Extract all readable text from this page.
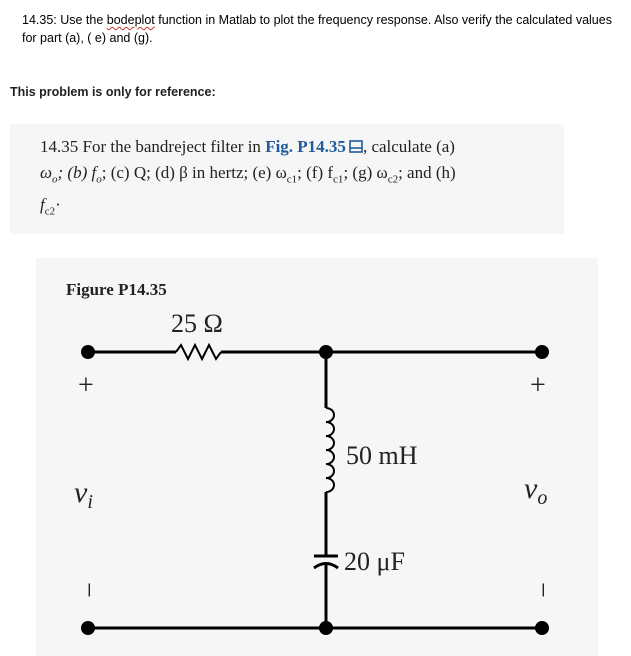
14.35: Use the bodeplot function in Matlab to plot the frequency response. Also verify the calculated values for part (a), ( e) and (g).
This problem is only for reference:
14.35 For the bandreject filter in Fig. P14.35 , calculate (a)
$\omega_o$; (b) $f_o$; (c) Q; (d) β in hertz; (e) $\omega_{c1}$; (f) $f_{c1}$; (g) $\omega_{c2}$; and (h)
$f_{c2}\cdot$
Figure P14.35
25 Ω
50 mH
20 μF
+
−
+
−
$v_i$	$v_o$
